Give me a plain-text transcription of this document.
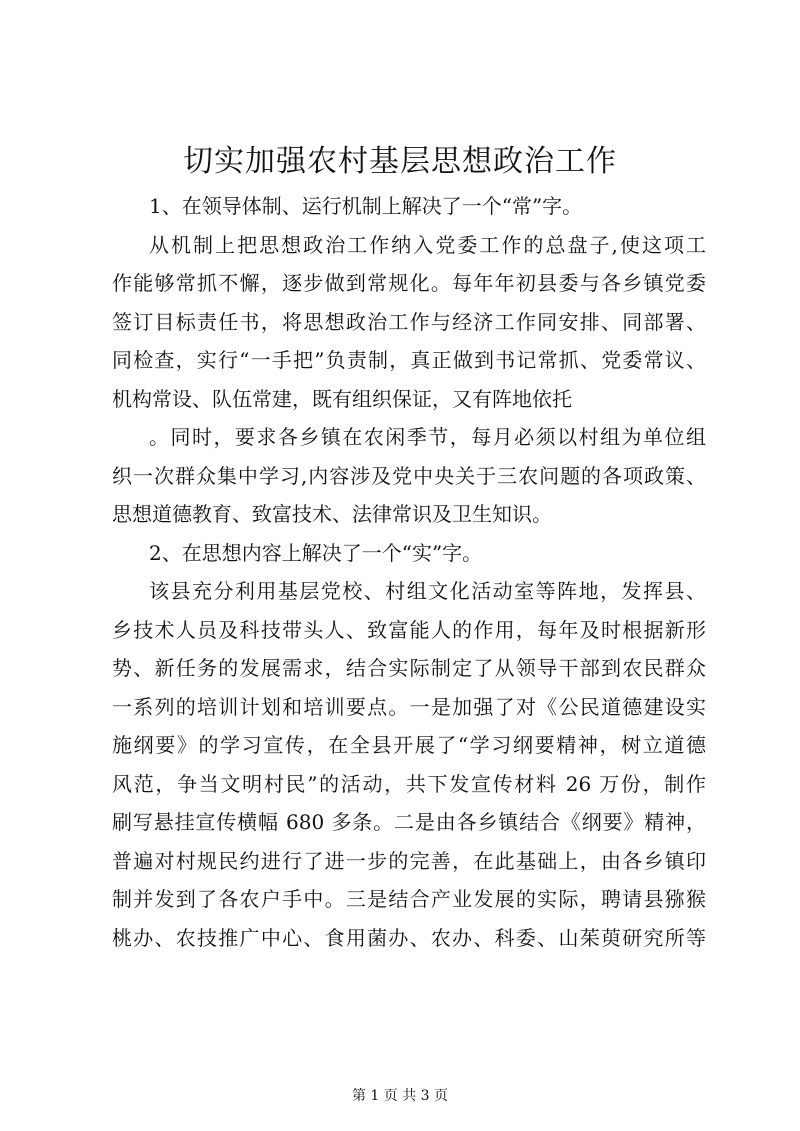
切实加强农村基层思想政治工作
1、在领导体制、运行机制上解决了一个“常”字。
从机制上把思想政治工作纳入党委工作的总盘子,使这项工
作能够常抓不懈，逐步做到常规化。每年年初县委与各乡镇党委
签订目标责任书，将思想政治工作与经济工作同安排、同部署、
同检查，实行“一手把”负责制，真正做到书记常抓、党委常议、
机构常设、队伍常建，既有组织保证，又有阵地依托
。同时，要求各乡镇在农闲季节，每月必须以村组为单位组
织一次群众集中学习,内容涉及党中央关于三农问题的各项政策、
思想道德教育、致富技术、法律常识及卫生知识。
2、在思想内容上解决了一个“实”字。
该县充分利用基层党校、村组文化活动室等阵地，发挥县、
乡技术人员及科技带头人、致富能人的作用，每年及时根据新形
势、新任务的发展需求，结合实际制定了从领导干部到农民群众
一系列的培训计划和培训要点。一是加强了对《公民道德建设实
施纲要》的学习宣传，在全县开展了“学习纲要精神，树立道德
风范，争当文明村民”的活动，共下发宣传材料 26 万份，制作
刷写悬挂宣传横幅 680 多条。二是由各乡镇结合《纲要》精神，
普遍对村规民约进行了进一步的完善，在此基础上，由各乡镇印
制并发到了各农户手中。三是结合产业发展的实际，聘请县猕猴
桃办、农技推广中心、食用菌办、农办、科委、山茱萸研究所等
第 1 页 共 3 页
